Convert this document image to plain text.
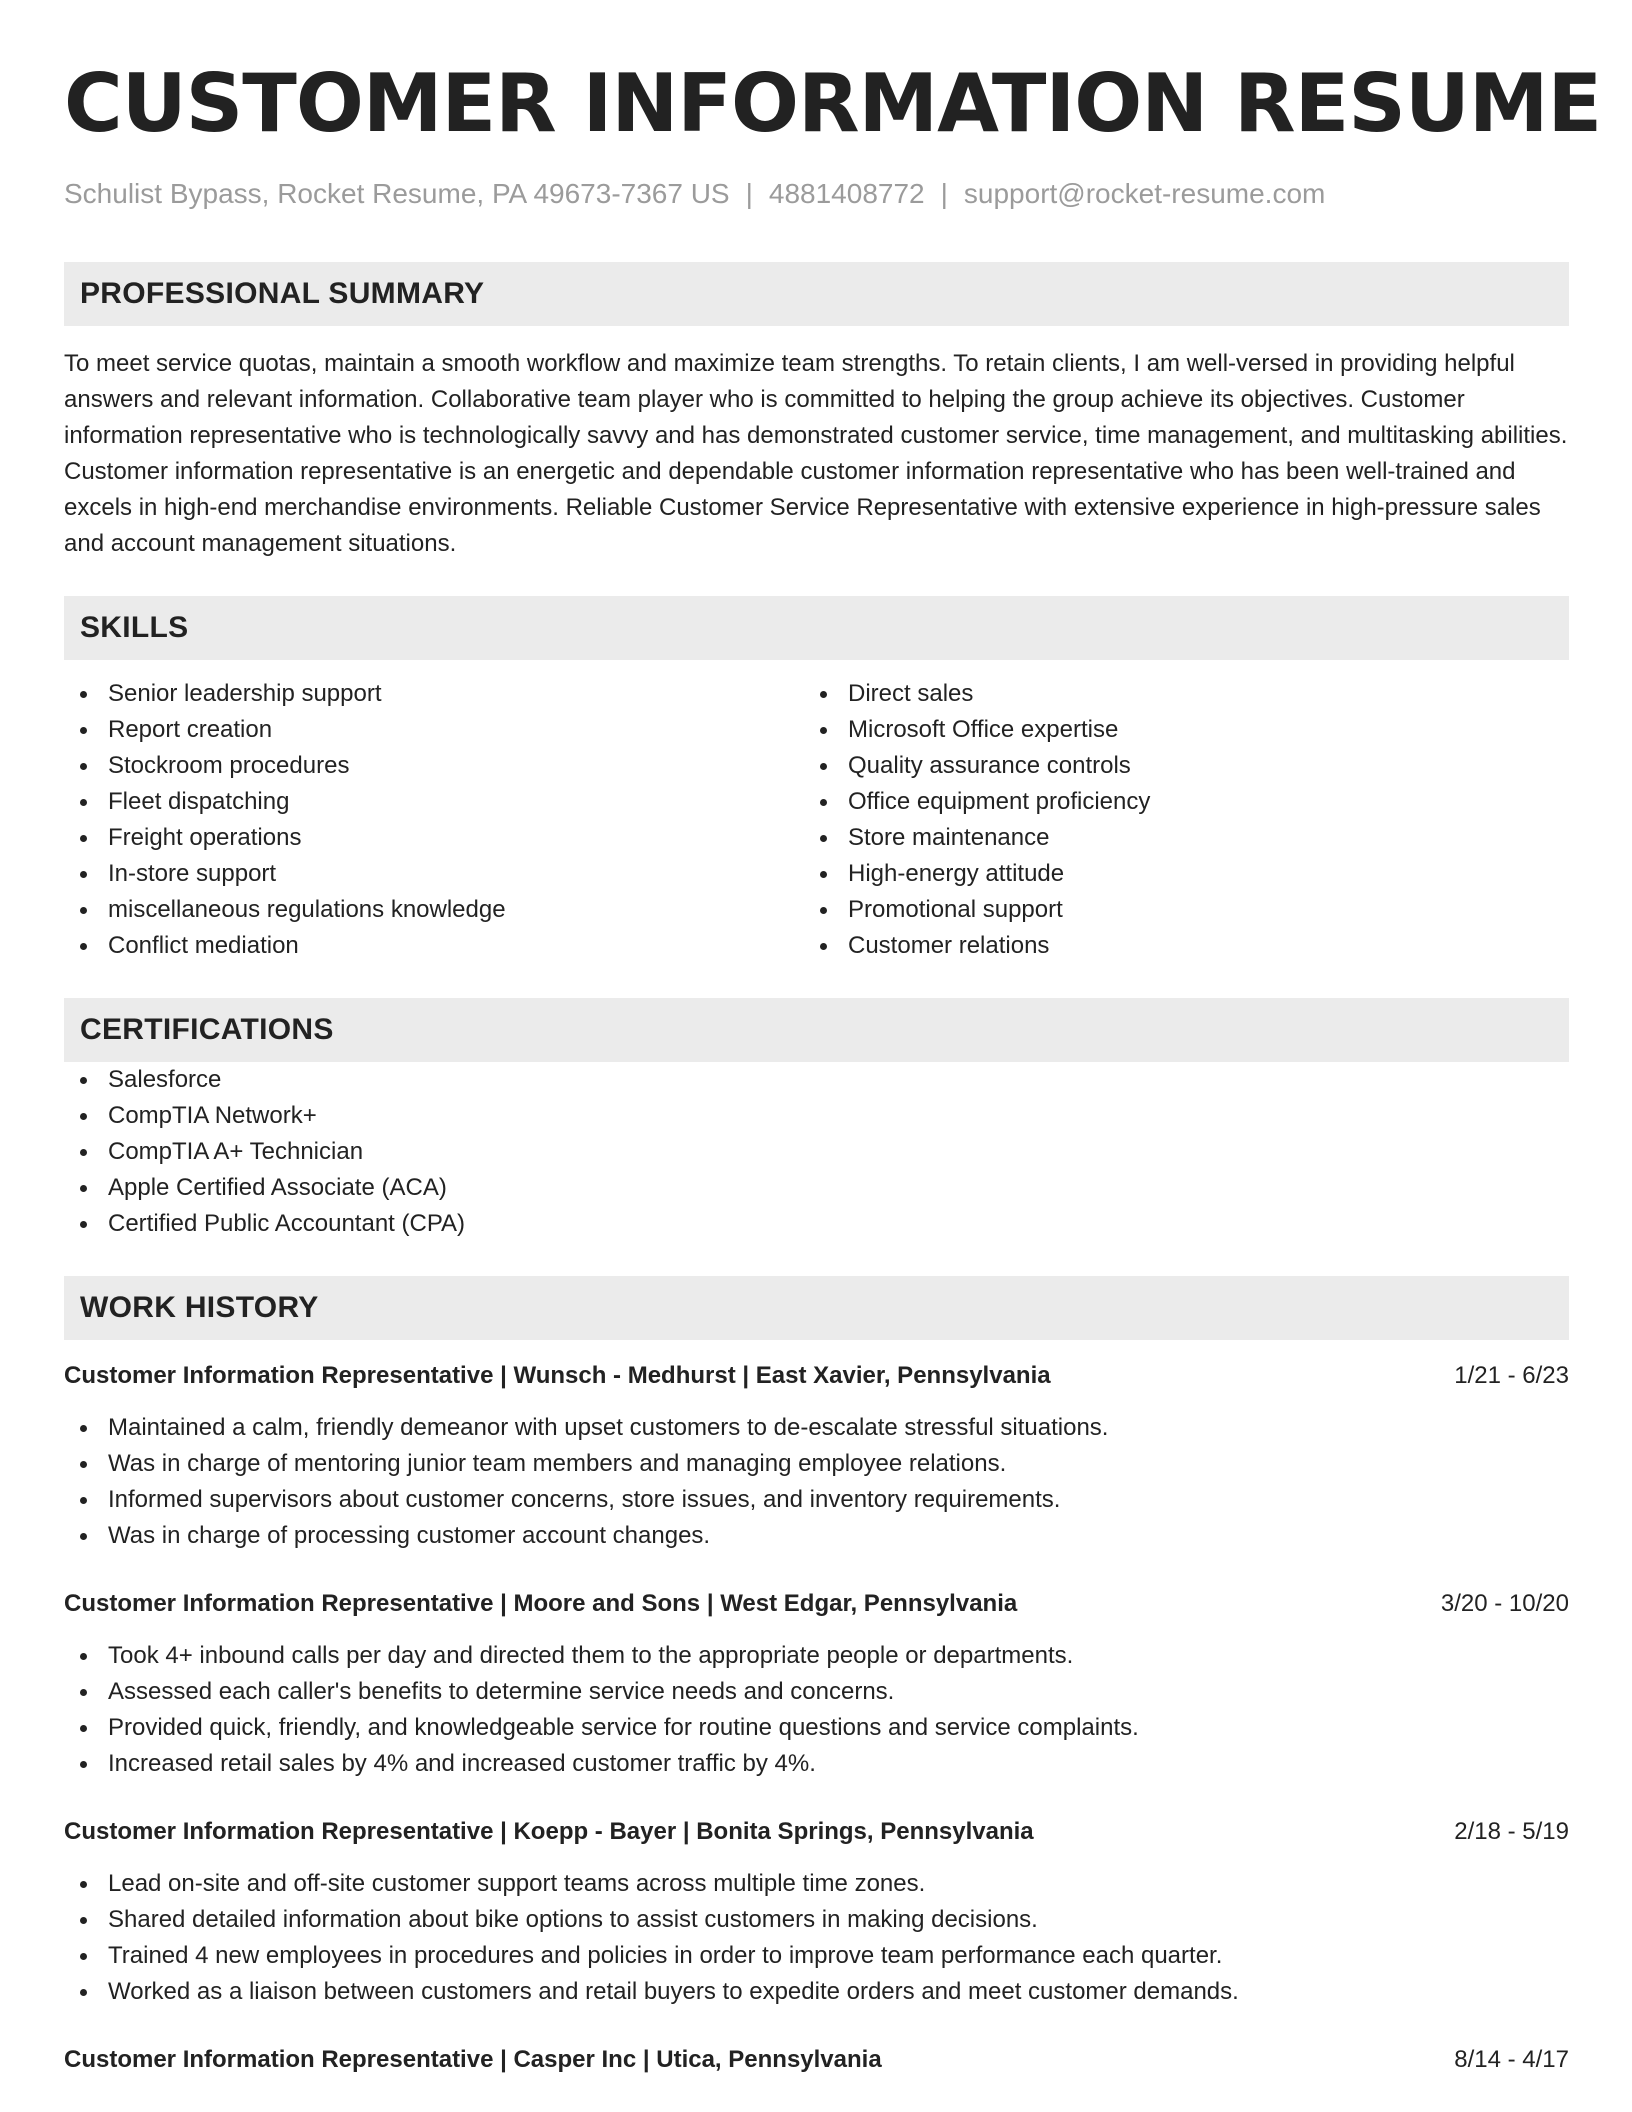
CUSTOMER INFORMATION RESUME
Schulist Bypass, Rocket Resume, PA 49673-7367 US | 4881408772 | support@rocket-resume.com
PROFESSIONAL SUMMARY

To meet service quotas, maintain a smooth workflow and maximize team strengths. To retain clients, I am well-versed in providing helpful answers and relevant information. Collaborative team player who is committed to helping the group achieve its objectives. Customer information representative who is technologically savvy and has demonstrated customer service, time management, and multitasking abilities. Customer information representative is an energetic and dependable customer information representative who has been well-trained and excels in high-end merchandise environments. Reliable Customer Service Representative with extensive experience in high-pressure sales and account management situations.

SKILLS
Senior leadership support
Report creation
Stockroom procedures
Fleet dispatching
Freight operations
In-store support
miscellaneous regulations knowledge
Conflict mediation
Direct sales
Microsoft Office expertise
Quality assurance controls
Office equipment proficiency
Store maintenance
High-energy attitude
Promotional support
Customer relations
CERTIFICATIONS
Salesforce
CompTIA Network+
CompTIA A+ Technician
Apple Certified Associate (ACA)
Certified Public Accountant (CPA)
WORK HISTORY
Customer Information Representative | Wunsch - Medhurst | East Xavier, Pennsylvania	1/21 - 6/23
Maintained a calm, friendly demeanor with upset customers to de-escalate stressful situations.
Was in charge of mentoring junior team members and managing employee relations.
Informed supervisors about customer concerns, store issues, and inventory requirements.
Was in charge of processing customer account changes.
Customer Information Representative | Moore and Sons | West Edgar, Pennsylvania	3/20 - 10/20
Took 4+ inbound calls per day and directed them to the appropriate people or departments.
Assessed each caller's benefits to determine service needs and concerns.
Provided quick, friendly, and knowledgeable service for routine questions and service complaints.
Increased retail sales by 4% and increased customer traffic by 4%.
Customer Information Representative | Koepp - Bayer | Bonita Springs, Pennsylvania	2/18 - 5/19
Lead on-site and off-site customer support teams across multiple time zones.
Shared detailed information about bike options to assist customers in making decisions.
Trained 4 new employees in procedures and policies in order to improve team performance each quarter.
Worked as a liaison between customers and retail buyers to expedite orders and meet customer demands.
Customer Information Representative | Casper Inc | Utica, Pennsylvania	8/14 - 4/17
